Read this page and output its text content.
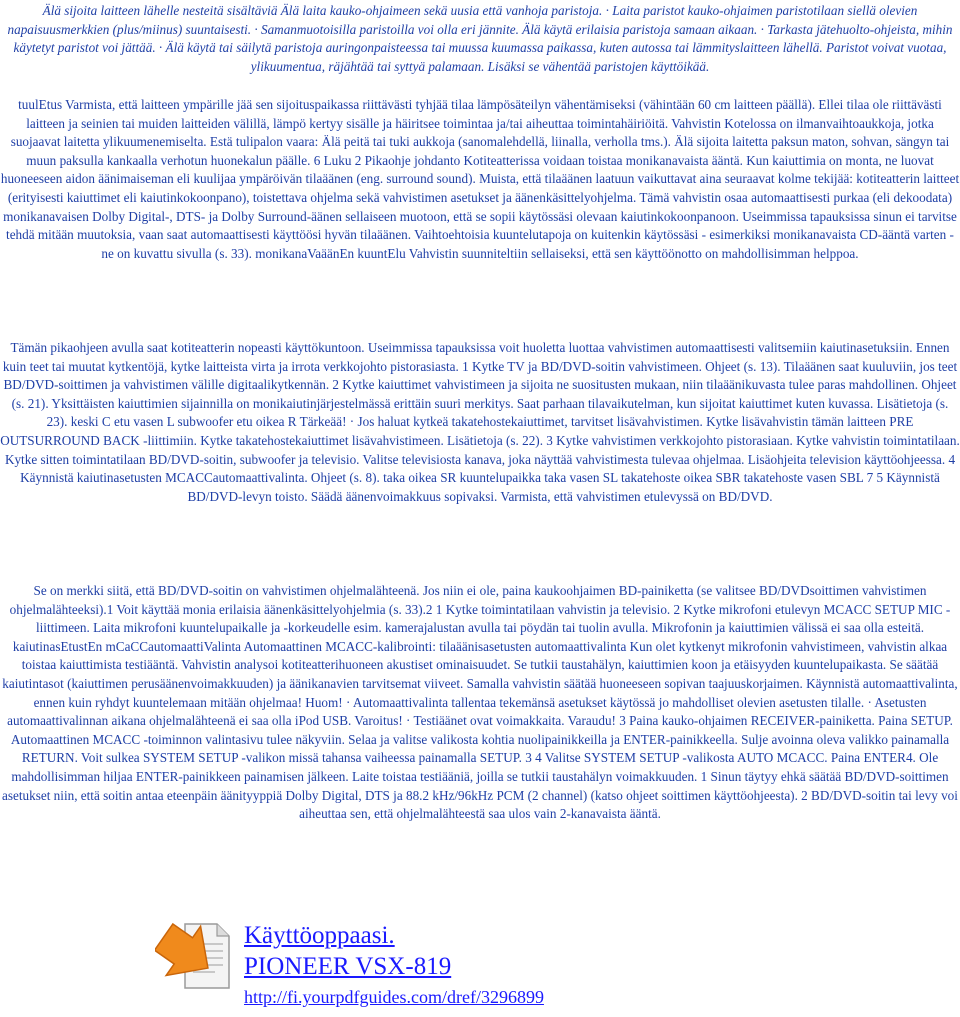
Älä sijoita laitteen lähelle nesteitä sisältäviä Älä laita kauko-ohjaimeen sekä uusia että vanhoja paristoja. · Laita paristot kauko-ohjaimen paristotilaan siellä olevien napaisuusmerkkien (plus/miinus) suuntaisesti. · Samanmuotoisilla paristoilla voi olla eri jännite. Älä käytä erilaisia paristoja samaan aikaan. · Tarkasta jätehuolto-ohjeista, mihin käytetyt paristot voi jättää. · Älä käytä tai säilytä paristoja auringonpaisteessa tai muussa kuumassa paikassa, kuten autossa tai lämmityslaitteen lähellä. Paristot voivat vuotaa, ylikuumentua, räjähtää tai syttyä palamaan. Lisäksi se vähentää paristojen käyttöikää.

tuulEtus Varmista, että laitteen ympärille jää sen sijoituspaikassa riittävästi tyhjää tilaa lämpösäteilyn vähentämiseksi (vähintään 60 cm laitteen päällä). Ellei tilaa ole riittävästi laitteen ja seinien tai muiden laitteiden välillä, lämpö kertyy sisälle ja häiritsee toimintaa ja/tai aiheuttaa toimintahäiriöitä. Vahvistin Kotelossa on ilmanvaihtoaukkoja, jotka suojaavat laitetta ylikuumenemiselta. Estä tulipalon vaara: Älä peitä tai tuki aukkoja (sanomalehdellä, liinalla, verholla tms.). Älä sijoita laitetta paksun maton, sohvan, sängyn tai muun paksulla kankaalla verhotun huonekalun päälle. 6 Luku 2 Pikaohje johdanto Kotiteatterissa voidaan toistaa monikanavaista ääntä. Kun kaiuttimia on monta, ne luovat huoneeseen aidon äänimaiseman eli kuulijaa ympäröivän tilaäänen (eng. surround sound). Muista, että tilaäänen laatuun vaikuttavat aina seuraavat kolme tekijää: kotiteatterin laitteet (erityisesti kaiuttimet eli kaiutinkokoonpano), toistettava ohjelma sekä vahvistimen asetukset ja äänenkäsittelyohjelma. Tämä vahvistin osaa automaattisesti purkaa (eli dekoodata) monikanavaisen Dolby Digital-, DTS- ja Dolby Surround-äänen sellaiseen muotoon, että se sopii käytössäsi olevaan kaiutinkokoonpanoon. Useimmissa tapauksissa sinun ei tarvitse tehdä mitään muutoksia, vaan saat automaattisesti käyttöösi hyvän tilaäänen. Vaihtoehtoisia kuuntelutapoja on kuitenkin käytössäsi - esimerkiksi monikanavaista CD-ääntä varten - ne on kuvattu sivulla (s. 33). monikanaVaäänEn kuuntElu Vahvistin suunniteltiin sellaiseksi, että sen käyttöönotto on mahdollisimman helppoa.

Tämän pikaohjeen avulla saat kotiteatterin nopeasti käyttökuntoon. Useimmissa tapauksissa voit huoletta luottaa vahvistimen automaattisesti valitsemiin kaiutinasetuksiin. Ennen kuin teet tai muutat kytkentöjä, kytke laitteista virta ja irrota verkkojohto pistorasiasta. 1 Kytke TV ja BD/DVD-soitin vahvistimeen. Ohjeet (s. 13). Tilaäänen saat kuuluviin, jos teet BD/DVD-soittimen ja vahvistimen välille digitaalikytkennän. 2 Kytke kaiuttimet vahvistimeen ja sijoita ne suositusten mukaan, niin tilaäänikuvasta tulee paras mahdollinen. Ohjeet (s. 21). Yksittäisten kaiuttimien sijainnilla on monikaiutinjärjestelmässä erittäin suuri merkitys. Saat parhaan tilavaikutelman, kun sijoitat kaiuttimet kuten kuvassa. Lisätietoja (s. 23). keski C etu vasen L subwoofer etu oikea R Tärkeää! · Jos haluat kytkeä takatehostekaiuttimet, tarvitset lisävahvistimen. Kytke lisävahvistin tämän laitteen PRE OUTSURROUND BACK -liittimiin. Kytke takatehostekaiuttimet lisävahvistimeen. Lisätietoja (s. 22). 3 Kytke vahvistimen verkkojohto pistorasiaan. Kytke vahvistin toimintatilaan. Kytke sitten toimintatilaan BD/DVD-soitin, subwoofer ja televisio. Valitse televisiosta kanava, joka näyttää vahvistimesta tulevaa ohjelmaa. Lisäohjeita television käyttöohjeessa. 4 Käynnistä kaiutinasetusten MCACCautomaattivalinta. Ohjeet (s. 8). taka oikea SR kuuntelupaikka taka vasen SL takatehoste oikea SBR takatehoste vasen SBL 7 5 Käynnistä BD/DVD-levyn toisto. Säädä äänenvoimakkuus sopivaksi. Varmista, että vahvistimen etulevyssä on BD/DVD.

Se on merkki siitä, että BD/DVD-soitin on vahvistimen ohjelmalähteenä. Jos niin ei ole, paina kaukoohjaimen BD-painiketta (se valitsee BD/DVDsoittimen vahvistimen ohjelmalähteeksi).1 Voit käyttää monia erilaisia äänenkäsittelyohjelmia (s. 33).2 1 Kytke toimintatilaan vahvistin ja televisio. 2 Kytke mikrofoni etulevyn MCACC SETUP MIC -liittimeen. Laita mikrofoni kuuntelupaikalle ja -korkeudelle esim. kamerajalustan avulla tai pöydän tai tuolin avulla. Mikrofonin ja kaiuttimien välissä ei saa olla esteitä. kaiutinasEtustEn mCaCCautomaattiValinta Automaattinen MCACC-kalibrointi: tilaäänisasetusten automaattivalinta Kun olet kytkenyt mikrofonin vahvistimeen, vahvistin alkaa toistaa kaiuttimista testiääntä. Vahvistin analysoi kotiteatterihuoneen akustiset ominaisuudet. Se tutkii taustahälyn, kaiuttimien koon ja etäisyyden kuuntelupaikasta. Se säätää kaiutintasot (kaiuttimen perusäänenvoimakkuuden) ja äänikanavien tarvitsemat viiveet. Samalla vahvistin säätää huoneeseen sopivan taajuuskorjaimen. Käynnistä automaattivalinta, ennen kuin ryhdyt kuuntelemaan mitään ohjelmaa! Huom! · Automaattivalinta tallentaa tekemänsä asetukset käytössä jo mahdolliset olevien asetusten tilalle. · Asetusten automaattivalinnan aikana ohjelmalähteenä ei saa olla iPod USB. Varoitus! · Testiäänet ovat voimakkaita. Varaudu! 3 Paina kauko-ohjaimen RECEIVER-painiketta. Paina SETUP. Automaattinen MCACC -toiminnon valintasivu tulee näkyviin. Selaa ja valitse valikosta kohtia nuolipainikkeilla ja ENTER-painikkeella. Sulje avoinna oleva valikko painamalla RETURN. Voit sulkea SYSTEM SETUP -valikon missä tahansa vaiheessa painamalla SETUP. 3 4 Valitse SYSTEM SETUP -valikosta AUTO MCACC. Paina ENTER4. Ole mahdollisimman hiljaa ENTER-painikkeen painamisen jälkeen. Laite toistaa testiääniä, joilla se tutkii taustahälyn voimakkuuden. 1 Sinun täytyy ehkä säätää BD/DVD-soittimen asetukset niin, että soitin antaa eteenpäin äänityyppiä Dolby Digital, DTS ja 88.2 kHz/96kHz PCM (2 channel) (katso ohjeet soittimen käyttöohjeesta). 2 BD/DVD-soitin tai levy voi aiheuttaa sen, että ohjelmalähteestä saa ulos vain 2-kanavaista ääntä.

Käyttöoppaasi.
PIONEER VSX-819
http://fi.yourpdfguides.com/dref/3296899
